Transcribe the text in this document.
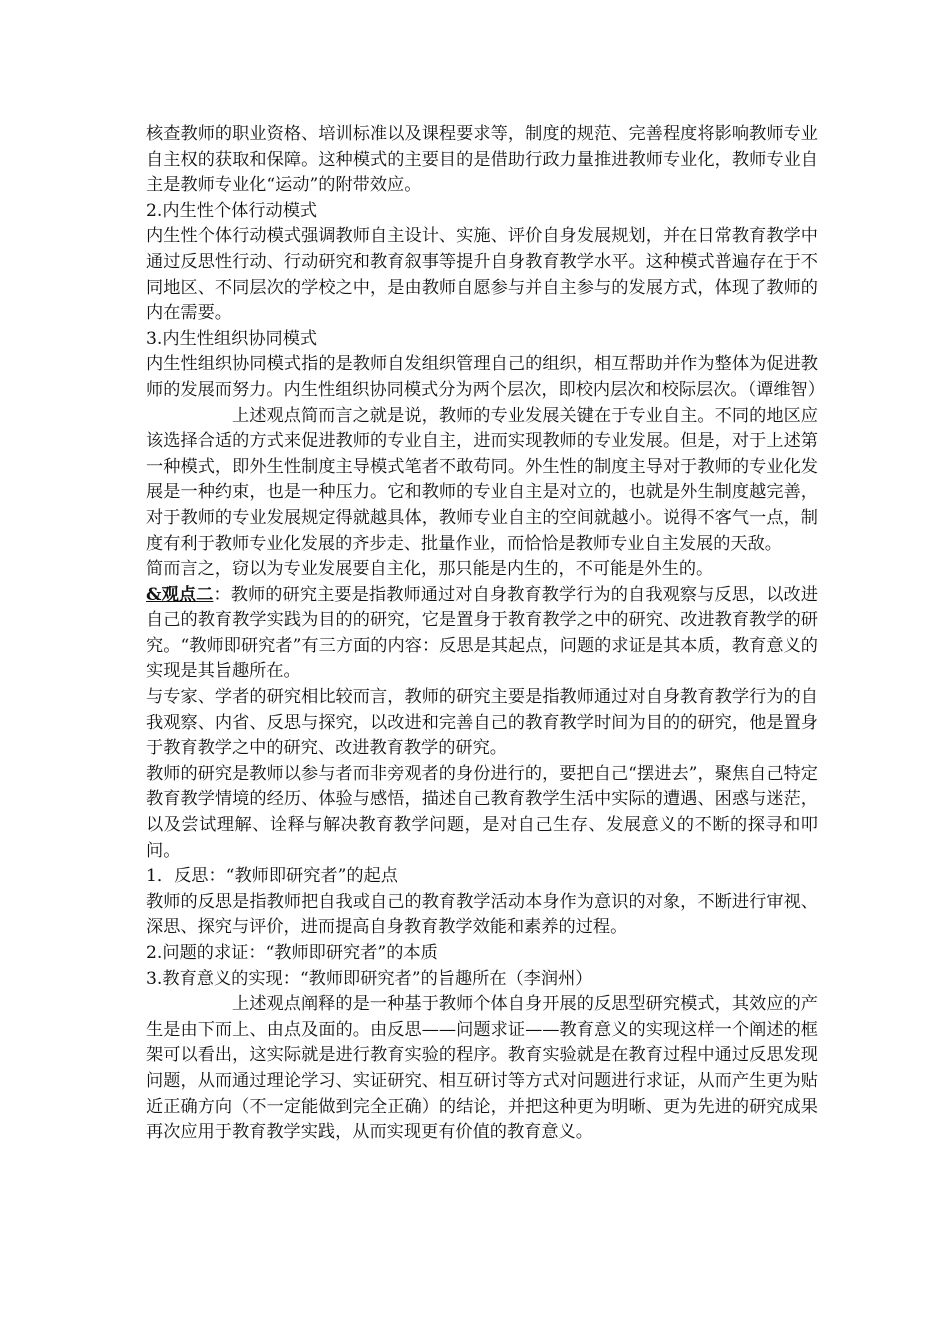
核查教师的职业资格、培训标准以及课程要求等，制度的规范、完善程度将影响教师专业自主权的获取和保障。这种模式的主要目的是借助行政力量推进教师专业化，教师专业自主是教师专业化“运动”的附带效应。

2.内生性个体行动模式

内生性个体行动模式强调教师自主设计、实施、评价自身发展规划，并在日常教育教学中通过反思性行动、行动研究和教育叙事等提升自身教育教学水平。这种模式普遍存在于不同地区、不同层次的学校之中，是由教师自愿参与并自主参与的发展方式，体现了教师的内在需要。

3.内生性组织协同模式

内生性组织协同模式指的是教师自发组织管理自己的组织，相互帮助并作为整体为促进教师的发展而努力。内生性组织协同模式分为两个层次，即校内层次和校际层次。（谭维智）

上述观点简而言之就是说，教师的专业发展关键在于专业自主。不同的地区应该选择合适的方式来促进教师的专业自主，进而实现教师的专业发展。但是，对于上述第一种模式，即外生性制度主导模式笔者不敢苟同。外生性的制度主导对于教师的专业化发展是一种约束，也是一种压力。它和教师的专业自主是对立的，也就是外生制度越完善，对于教师的专业发展规定得就越具体，教师专业自主的空间就越小。说得不客气一点，制度有利于教师专业化发展的齐步走、批量作业，而恰恰是教师专业自主发展的天敌。

简而言之，窃以为专业发展要自主化，那只能是内生的，不可能是外生的。

&观点二：教师的研究主要是指教师通过对自身教育教学行为的自我观察与反思，以改进自己的教育教学实践为目的的研究，它是置身于教育教学之中的研究、改进教育教学的研究。“教师即研究者”有三方面的内容：反思是其起点，问题的求证是其本质，教育意义的实现是其旨趣所在。

与专家、学者的研究相比较而言，教师的研究主要是指教师通过对自身教育教学行为的自我观察、内省、反思与探究，以改进和完善自己的教育教学时间为目的的研究，他是置身于教育教学之中的研究、改进教育教学的研究。

教师的研究是教师以参与者而非旁观者的身份进行的，要把自己“摆进去”，聚焦自己特定教育教学情境的经历、体验与感悟，描述自己教育教学生活中实际的遭遇、困惑与迷茫，以及尝试理解、诠释与解决教育教学问题，是对自己生存、发展意义的不断的探寻和叩问。

1．反思：“教师即研究者”的起点

教师的反思是指教师把自我或自己的教育教学活动本身作为意识的对象，不断进行审视、深思、探究与评价，进而提高自身教育教学效能和素养的过程。

2.问题的求证：“教师即研究者”的本质

3.教育意义的实现：“教师即研究者”的旨趣所在（李润州）

上述观点阐释的是一种基于教师个体自身开展的反思型研究模式，其效应的产生是由下而上、由点及面的。由反思——问题求证——教育意义的实现这样一个阐述的框架可以看出，这实际就是进行教育实验的程序。教育实验就是在教育过程中通过反思发现问题，从而通过理论学习、实证研究、相互研讨等方式对问题进行求证，从而产生更为贴近正确方向（不一定能做到完全正确）的结论，并把这种更为明晰、更为先进的研究成果再次应用于教育教学实践，从而实现更有价值的教育意义。
